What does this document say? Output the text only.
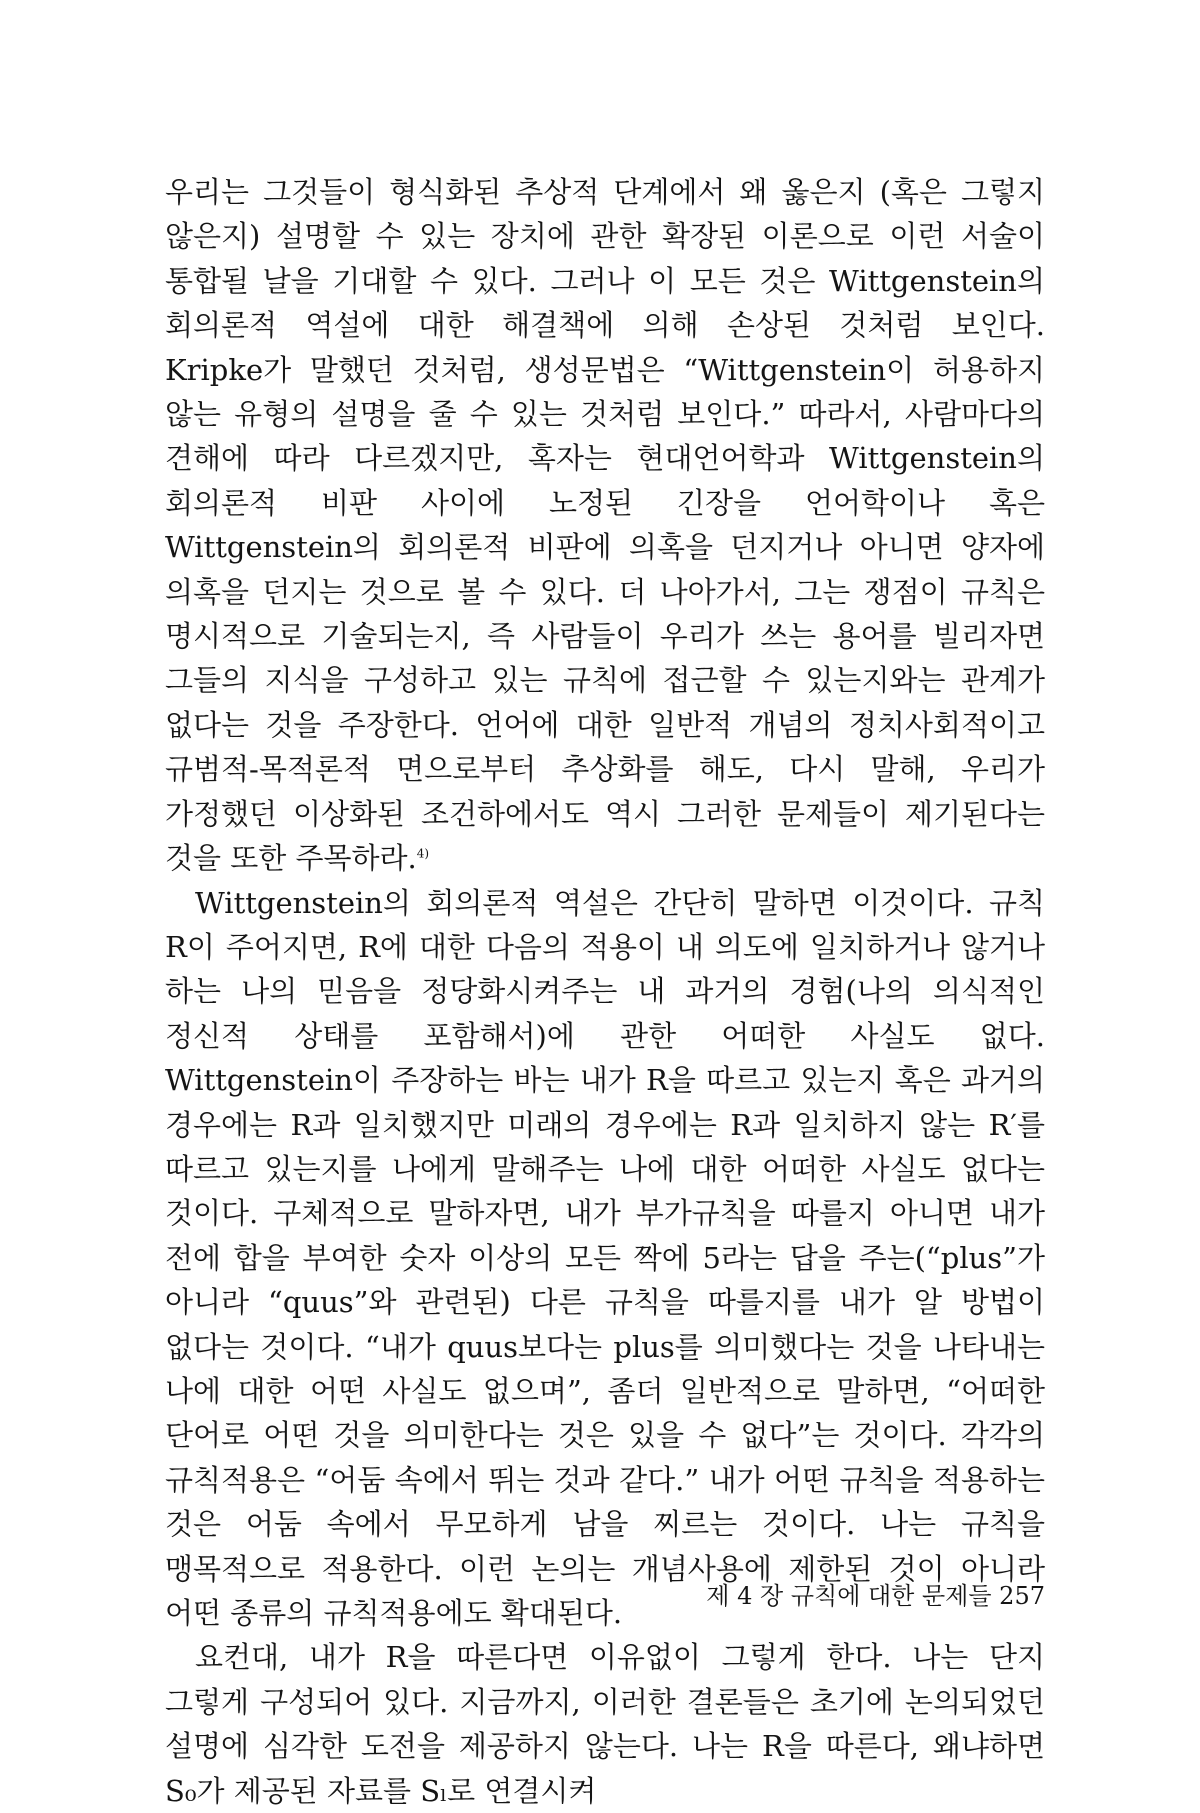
우리는 그것들이 형식화된 추상적 단계에서 왜 옳은지 (혹은 그렇지 않은지) 설명할 수 있는 장치에 관한 확장된 이론으로 이런 서술이 통합될 날을 기대할 수 있다. 그러나 이 모든 것은 Wittgenstein의 회의론적 역설에 대한 해결책에 의해 손상된 것처럼 보인다. Kripke가 말했던 것처럼, 생성문법은 “Wittgenstein이 허용하지 않는 유형의 설명을 줄 수 있는 것처럼 보인다.” 따라서, 사람마다의 견해에 따라 다르겠지만, 혹자는 현대언어학과 Wittgenstein의 회의론적 비판 사이에 노정된 긴장을 언어학이나 혹은 Wittgenstein의 회의론적 비판에 의혹을 던지거나 아니면 양자에 의혹을 던지는 것으로 볼 수 있다. 더 나아가서, 그는 쟁점이 규칙은 명시적으로 기술되는지, 즉 사람들이 우리가 쓰는 용어를 빌리자면 그들의 지식을 구성하고 있는 규칙에 접근할 수 있는지와는 관계가 없다는 것을 주장한다. 언어에 대한 일반적 개념의 정치사회적이고 규범적-목적론적 면으로부터 추상화를 해도, 다시 말해, 우리가 가정했던 이상화된 조건하에서도 역시 그러한 문제들이 제기된다는 것을 또한 주목하라.$^{4)}$

Wittgenstein의 회의론적 역설은 간단히 말하면 이것이다. 규칙 R이 주어지면, R에 대한 다음의 적용이 내 의도에 일치하거나 않거나 하는 나의 믿음을 정당화시켜주는 내 과거의 경험(나의 의식적인 정신적 상태를 포함해서)에 관한 어떠한 사실도 없다. Wittgenstein이 주장하는 바는 내가 R을 따르고 있는지 혹은 과거의 경우에는 R과 일치했지만 미래의 경우에는 R과 일치하지 않는 R′를 따르고 있는지를 나에게 말해주는 나에 대한 어떠한 사실도 없다는 것이다. 구체적으로 말하자면, 내가 부가규칙을 따를지 아니면 내가 전에 합을 부여한 숫자 이상의 모든 짝에 5라는 답을 주는(“plus”가 아니라 “quus”와 관련된) 다른 규칙을 따를지를 내가 알 방법이 없다는 것이다. “내가 quus보다는 plus를 의미했다는 것을 나타내는 나에 대한 어떤 사실도 없으며”, 좀더 일반적으로 말하면, “어떠한 단어로 어떤 것을 의미한다는 것은 있을 수 없다”는 것이다. 각각의 규칙적용은 “어둠 속에서 뛰는 것과 같다.” 내가 어떤 규칙을 적용하는 것은 어둠 속에서 무모하게 남을 찌르는 것이다. 나는 규칙을 맹목적으로 적용한다. 이런 논의는 개념사용에 제한된 것이 아니라 어떤 종류의 규칙적용에도 확대된다.

요컨대, 내가 R을 따른다면 이유없이 그렇게 한다. 나는 단지 그렇게 구성되어 있다. 지금까지, 이러한 결론들은 초기에 논의되었던 설명에 심각한 도전을 제공하지 않는다. 나는 R을 따른다, 왜냐하면 S₀가 제공된 자료를 Sₗ로 연결시켜

제 4 장 규칙에 대한 문제들 257
